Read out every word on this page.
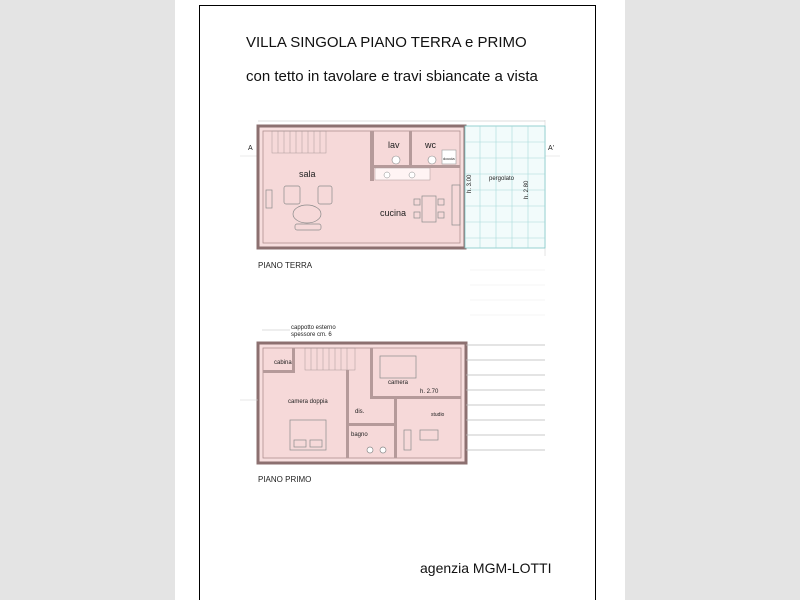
VILLA SINGOLA PIANO TERRA e PRIMO
con tetto in tavolare e travi sbiancate a vista
A	A'
sala
lav	wc
doccia
cucina
pergolato
h. 3.00	h. 2.80
PIANO TERRA
cappotto esterno
spessore cm. 6
cabina
camera doppia
dis.
bagno
camera
h. 2.70
studio
PIANO PRIMO
agenzia MGM-LOTTI
